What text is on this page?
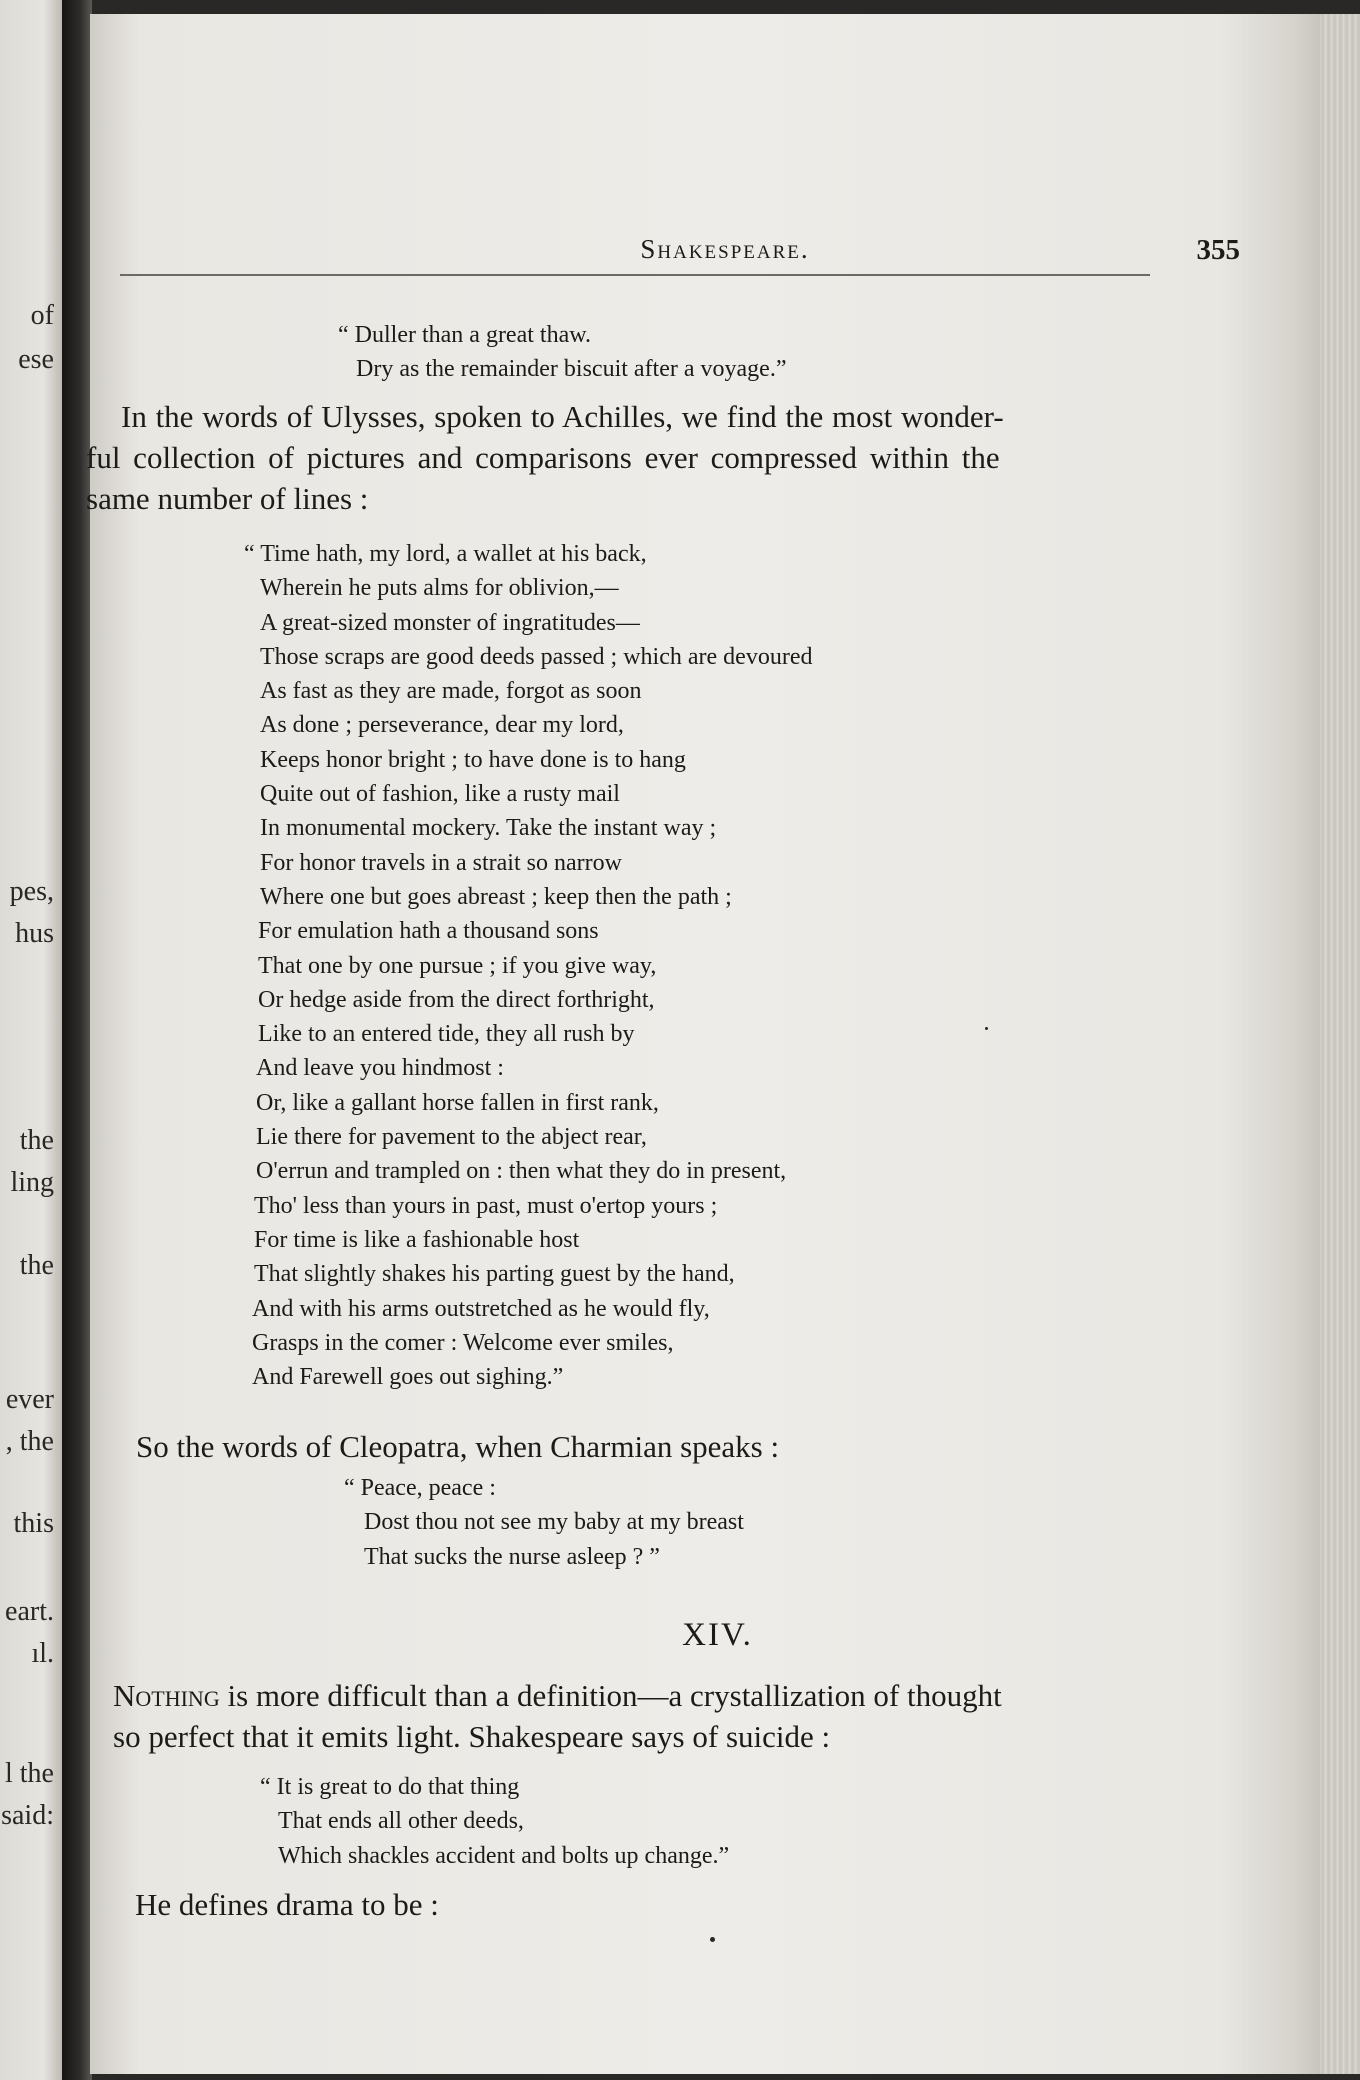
of
ese
pes,
hus
the
ling
the
ever
, the
this
eart.
ıl.
l the
said:
Shakespeare.	355
“ Duller than a great thaw.
Dry as the remainder biscuit after a voyage.”
In the words of Ulysses, spoken to Achilles, we find the most wonder-
ful collection of pictures and comparisons ever compressed within the
same number of lines :
“ Time hath, my lord, a wallet at his back,
Wherein he puts alms for oblivion,—
A great-sized monster of ingratitudes—
Those scraps are good deeds passed ; which are devoured
As fast as they are made, forgot as soon
As done ; perseverance, dear my lord,
Keeps honor bright ; to have done is to hang
Quite out of fashion, like a rusty mail
In monumental mockery. Take the instant way ;
For honor travels in a strait so narrow
Where one but goes abreast ; keep then the path ;
For emulation hath a thousand sons
That one by one pursue ; if you give way,
Or hedge aside from the direct forthright,
Like to an entered tide, they all rush by
And leave you hindmost :
Or, like a gallant horse fallen in first rank,
Lie there for pavement to the abject rear,
O'errun and trampled on : then what they do in present,
Tho' less than yours in past, must o'ertop yours ;
For time is like a fashionable host
That slightly shakes his parting guest by the hand,
And with his arms outstretched as he would fly,
Grasps in the comer : Welcome ever smiles,
And Farewell goes out sighing.”
So the words of Cleopatra, when Charmian speaks :
“ Peace, peace :
Dost thou not see my baby at my breast
That sucks the nurse asleep ? ”
XIV.
Nothing is more difficult than a definition—a crystallization of thought
so perfect that it emits light. Shakespeare says of suicide :
“ It is great to do that thing
That ends all other deeds,
Which shackles accident and bolts up change.”
He defines drama to be :
